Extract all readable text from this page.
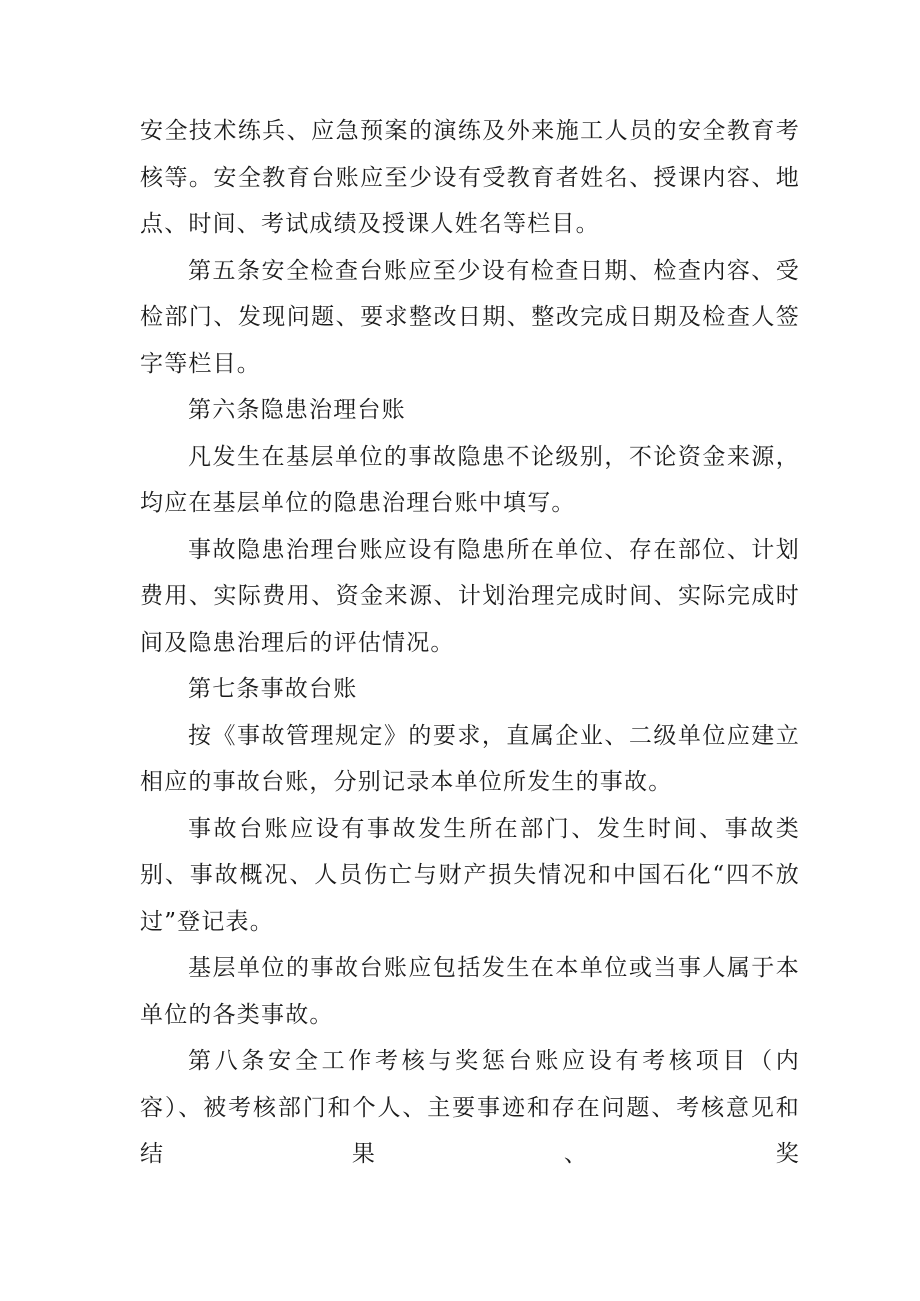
安全技术练兵、应急预案的演练及外来施工人员的安全教育考核等。安全教育台账应至少设有受教育者姓名、授课内容、地点、时间、考试成绩及授课人姓名等栏目。

第五条安全检查台账应至少设有检查日期、检查内容、受检部门、发现问题、要求整改日期、整改完成日期及检查人签字等栏目。

第六条隐患治理台账

凡发生在基层单位的事故隐患不论级别，不论资金来源，均应在基层单位的隐患治理台账中填写。

事故隐患治理台账应设有隐患所在单位、存在部位、计划费用、实际费用、资金来源、计划治理完成时间、实际完成时间及隐患治理后的评估情况。

第七条事故台账

按《事故管理规定》的要求，直属企业、二级单位应建立相应的事故台账，分别记录本单位所发生的事故。

事故台账应设有事故发生所在部门、发生时间、事故类别、事故概况、人员伤亡与财产损失情况和中国石化“四不放过”登记表。

基层单位的事故台账应包括发生在本单位或当事人属于本单位的各类事故。

第八条安全工作考核与奖惩台账应设有考核项目（内容）、被考核部门和个人、主要事迹和存在问题、考核意见和结果、奖
